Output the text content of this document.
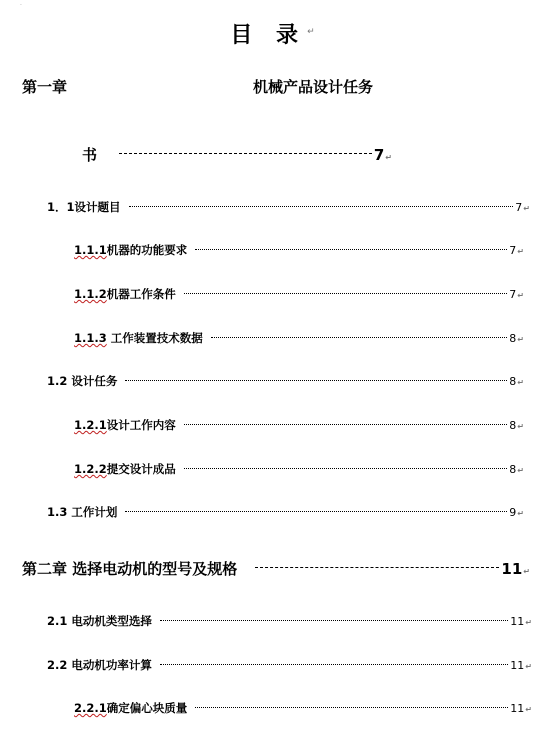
·
目 录↵
第一章	机械产品设计任务
书	7 ↵
1．1设计题目	7 ↵
1.1.1机器的功能要求	7 ↵
1.1.2机器工作条件	7 ↵
1.1.3 工作装置技术数据	8 ↵
1.2 设计任务	8 ↵
1.2.1设计工作内容	8 ↵
1.2.2提交设计成品	8 ↵
1.3 工作计划	9 ↵
第二章 选择电动机的型号及规格	11 ↵
2.1 电动机类型选择	11 ↵
2.2 电动机功率计算	11 ↵
2.2.1确定偏心块质量	11 ↵
